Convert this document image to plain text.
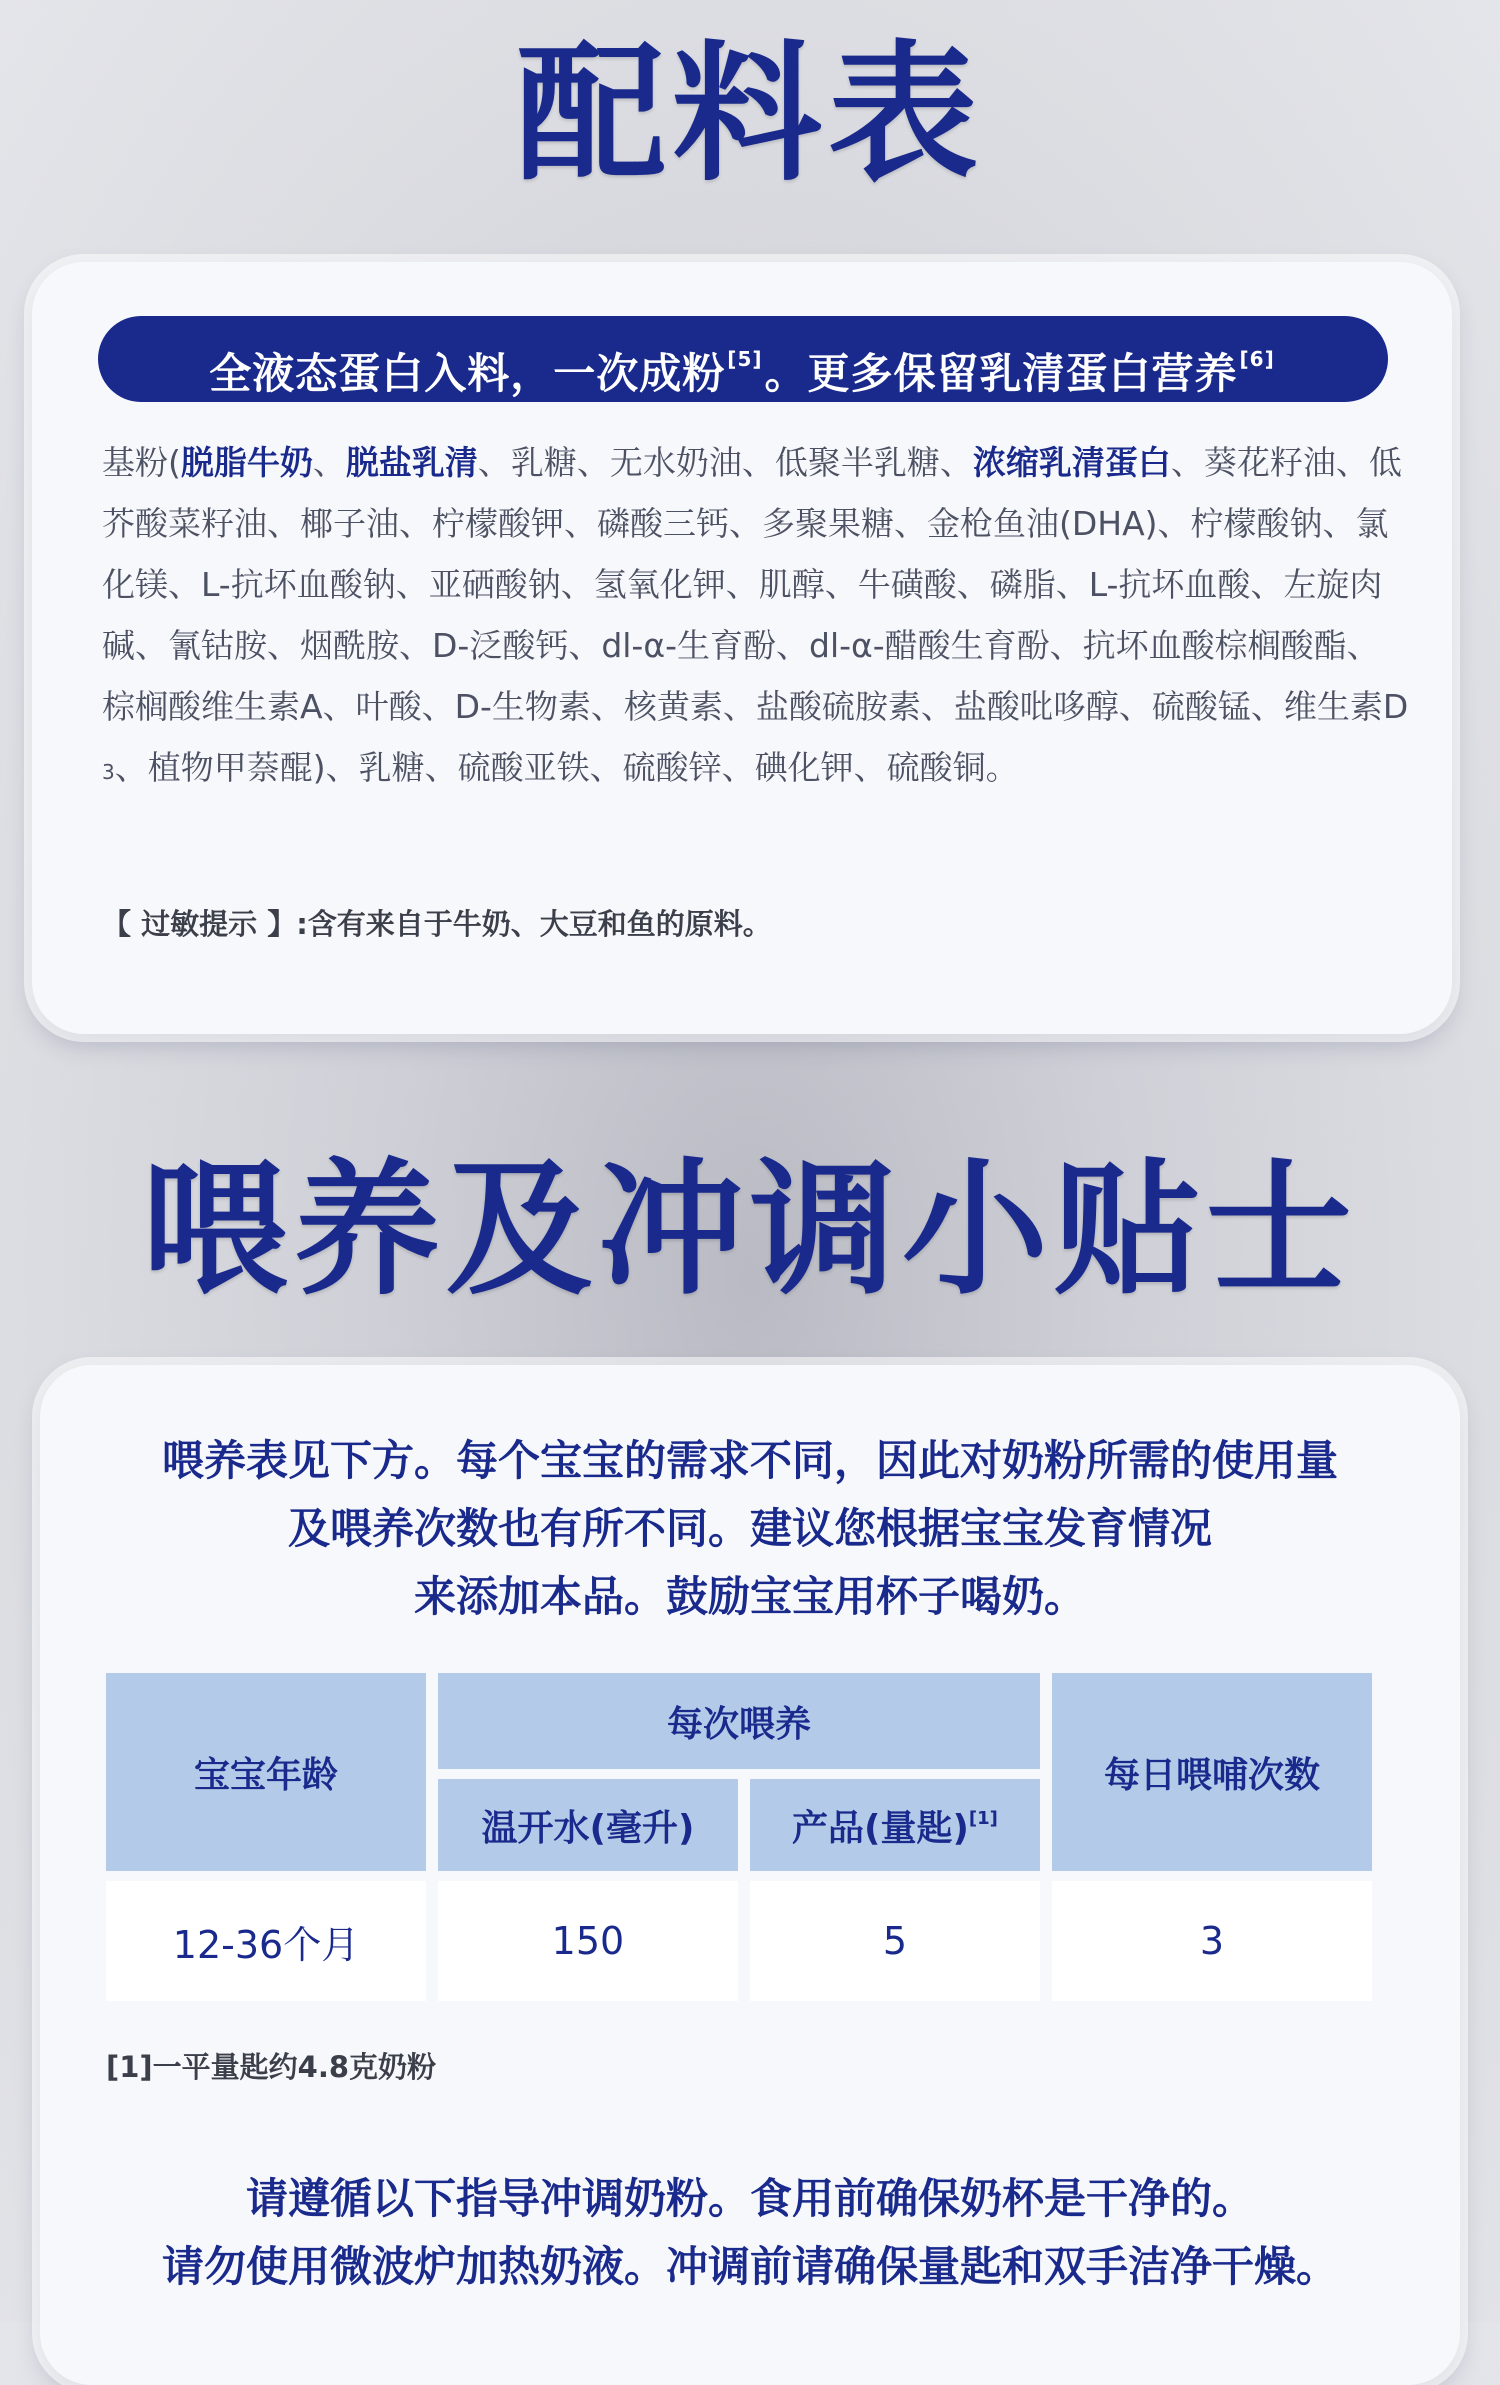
配料表
全液态蛋白入料，一次成粉 [5]。更多保留乳清蛋白营养 [6]
基粉(脱脂牛奶、脱盐乳清、乳糖、无水奶油、低聚半乳糖、浓缩乳清蛋白、葵花籽油、低芥酸菜籽油、椰子油、柠檬酸钾、磷酸三钙、多聚果糖、金枪鱼油(DHA)、柠檬酸钠、氯化镁、L-抗坏血酸钠、亚硒酸钠、氢氧化钾、肌醇、牛磺酸、磷脂、L-抗坏血酸、左旋肉碱、氰钴胺、烟酰胺、D-泛酸钙、dl-α-生育酚、dl-α-醋酸生育酚、抗坏血酸棕榈酸酯、棕榈酸维生素A、叶酸、D-生物素、核黄素、盐酸硫胺素、盐酸吡哆醇、硫酸锰、维生素D3、植物甲萘醌)、乳糖、硫酸亚铁、硫酸锌、碘化钾、硫酸铜。
【 过敏提示 】:含有来自于牛奶、大豆和鱼的原料。
喂养及冲调小贴士
喂养表见下方。每个宝宝的需求不同，因此对奶粉所需的使用量
及喂养次数也有所不同。建议您根据宝宝发育情况
来添加本品。鼓励宝宝用杯子喝奶。
宝宝年龄	每次喂养		每日喂哺次数
	温开水(毫升)	产品(量匙)[1]
12-36个月	150	5	3
[1]一平量匙约4.8克奶粉
请遵循以下指导冲调奶粉。食用前确保奶杯是干净的。
请勿使用微波炉加热奶液。冲调前请确保量匙和双手洁净干燥。
